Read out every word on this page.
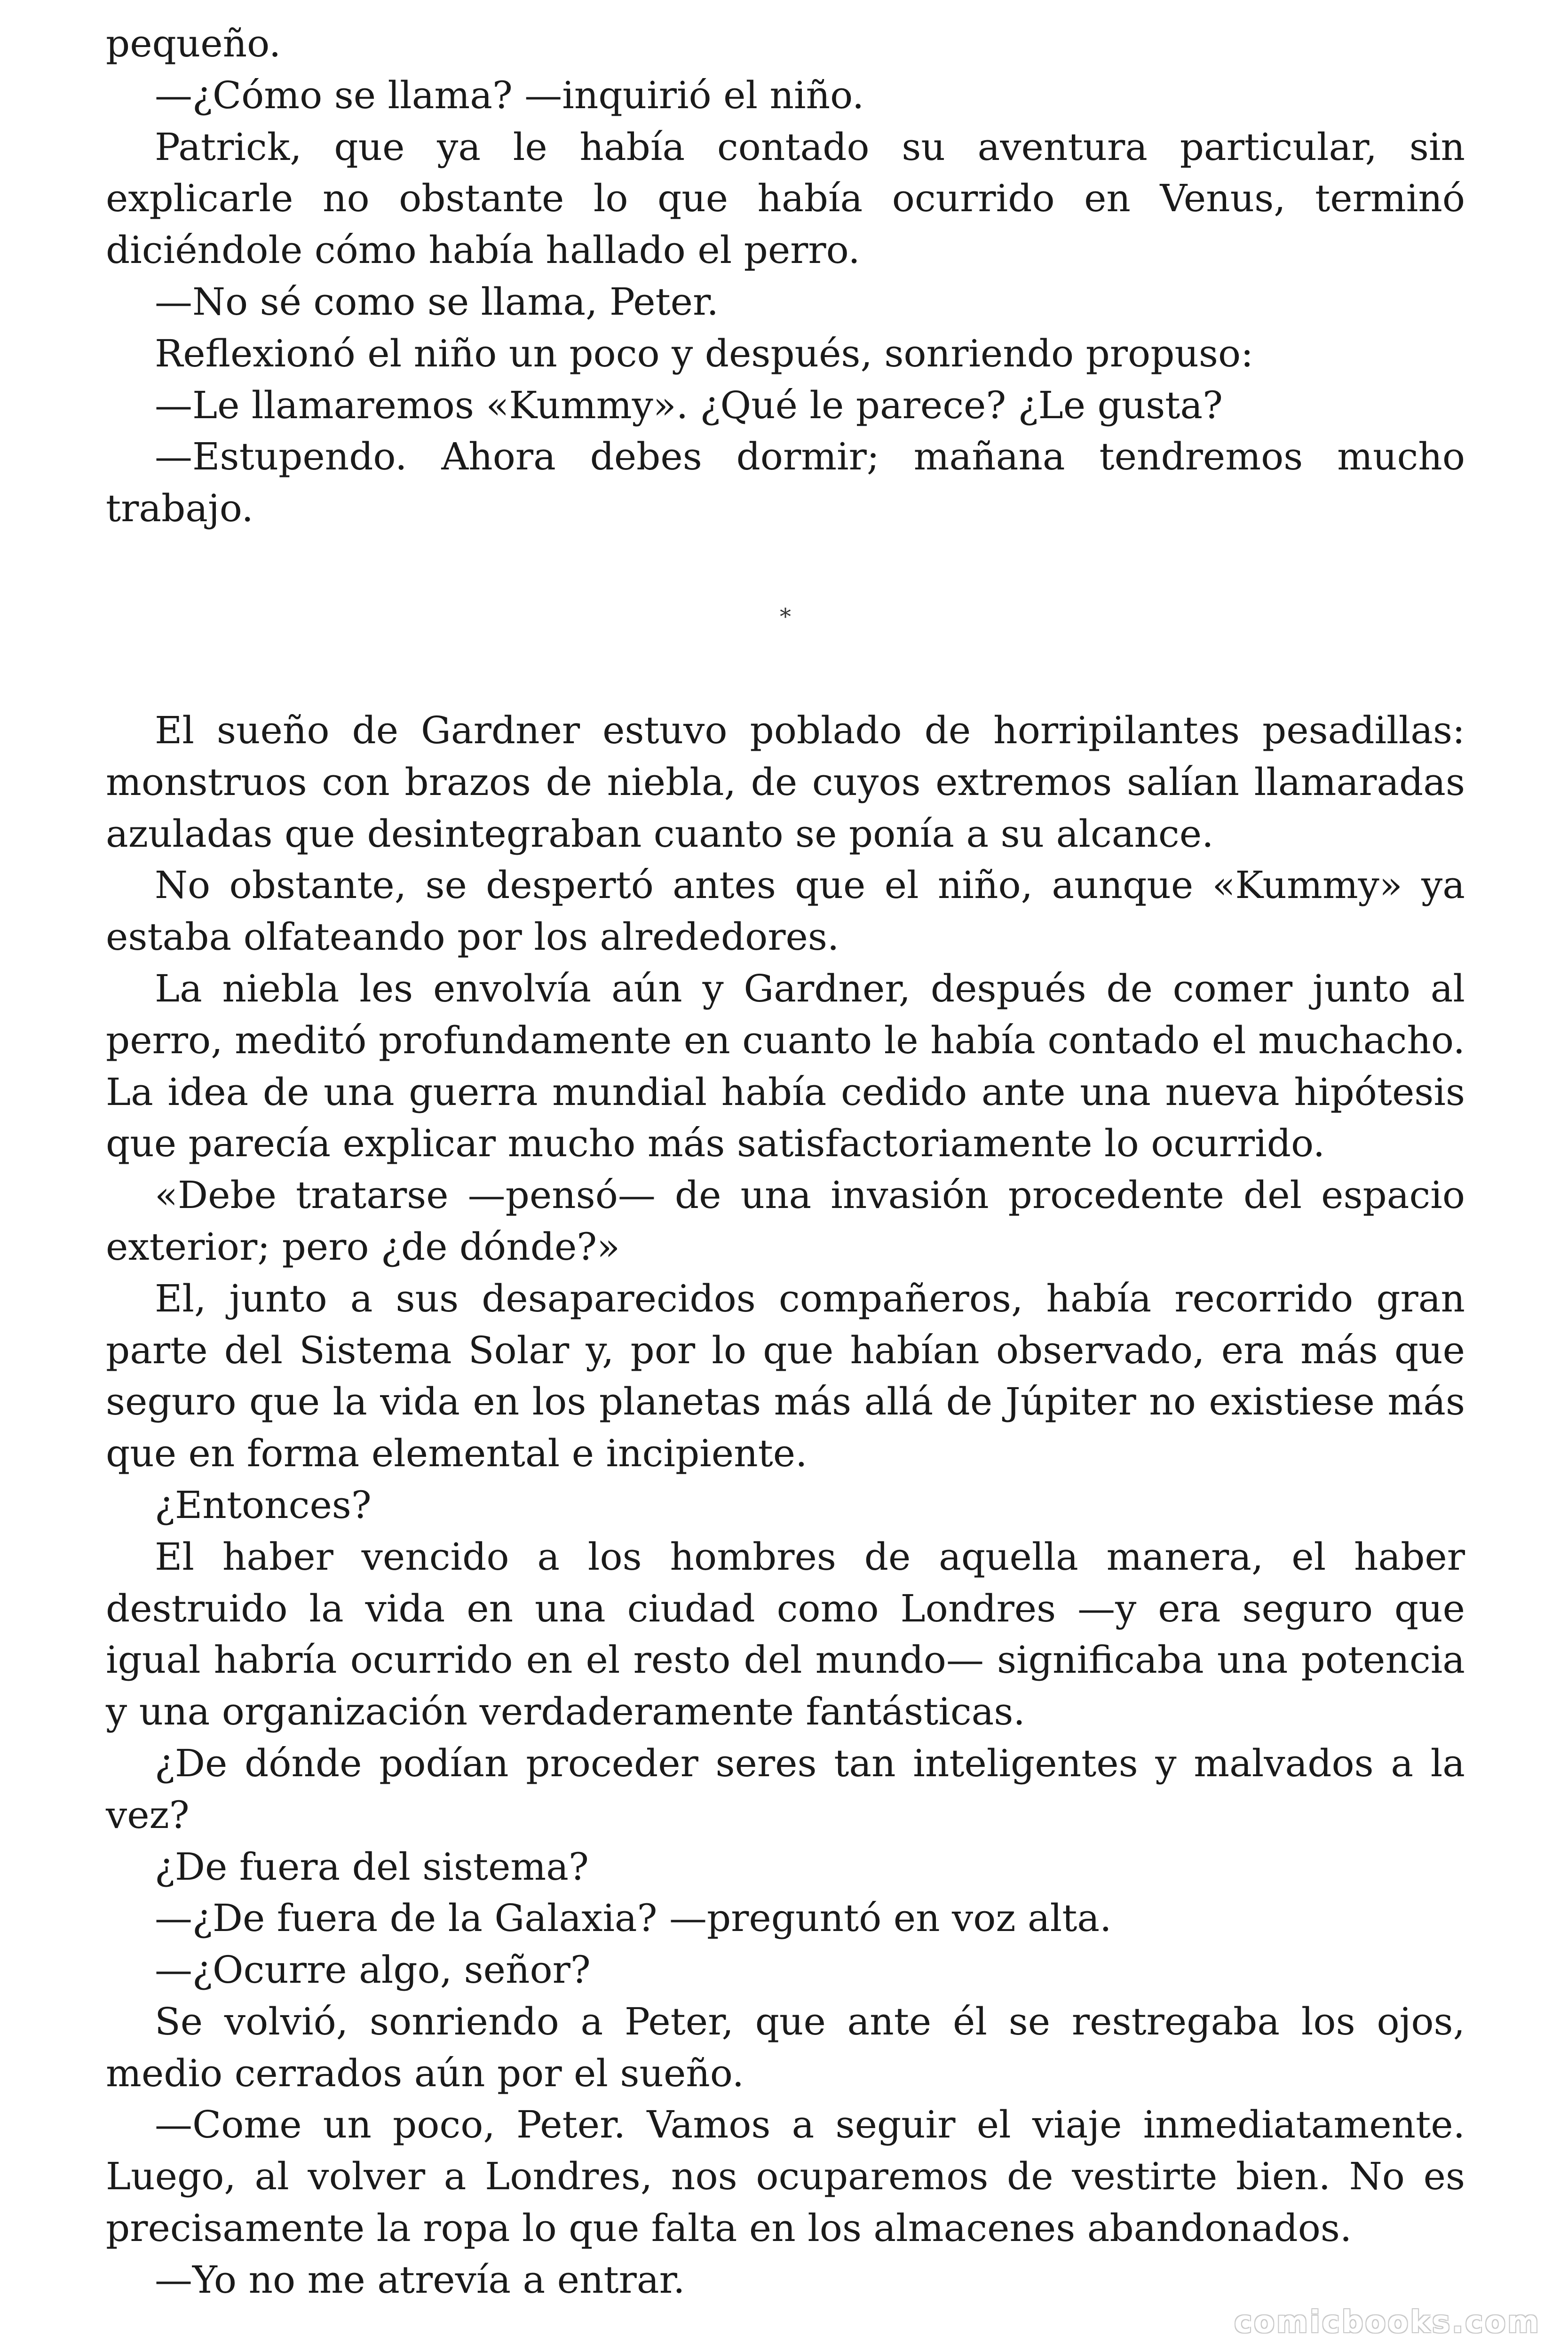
pequeño.

—¿Cómo se llama? —inquirió el niño.

Patrick, que ya le había contado su aventura particular, sin explicarle no obstante lo que había ocurrido en Venus, terminó diciéndole cómo había hallado el perro.

—No sé como se llama, Peter.

Reflexionó el niño un poco y después, sonriendo propuso:

—Le llamaremos «Kummy». ¿Qué le parece? ¿Le gusta?

—Estupendo. Ahora debes dormir; mañana tendremos mucho trabajo.

*

El sueño de Gardner estuvo poblado de horripilantes pesadillas: monstruos con brazos de niebla, de cuyos extremos salían llamaradas azuladas que desintegraban cuanto se ponía a su alcance.

No obstante, se despertó antes que el niño, aunque «Kummy» ya estaba olfateando por los alrededores.

La niebla les envolvía aún y Gardner, después de comer junto al perro, meditó profundamente en cuanto le había contado el muchacho. La idea de una guerra mundial había cedido ante una nueva hipótesis que parecía explicar mucho más satisfactoriamente lo ocurrido.

«Debe tratarse —pensó— de una invasión procedente del espacio exterior; pero ¿de dónde?»

El, junto a sus desaparecidos compañeros, había recorrido gran parte del Sistema Solar y, por lo que habían observado, era más que seguro que la vida en los planetas más allá de Júpiter no existiese más que en forma elemental e incipiente.

¿Entonces?

El haber vencido a los hombres de aquella manera, el haber destruido la vida en una ciudad como Londres —y era seguro que igual habría ocurrido en el resto del mundo— significaba una potencia y una organización verdaderamente fantásticas.

¿De dónde podían proceder seres tan inteligentes y malvados a la vez?

¿De fuera del sistema?

—¿De fuera de la Galaxia? —preguntó en voz alta.

—¿Ocurre algo, señor?

Se volvió, sonriendo a Peter, que ante él se restregaba los ojos, medio cerrados aún por el sueño.

—Come un poco, Peter. Vamos a seguir el viaje inmediatamente. Luego, al volver a Londres, nos ocuparemos de vestirte bien. No es precisamente la ropa lo que falta en los almacenes abandonados.

—Yo no me atrevía a entrar.

comicbooks.com
